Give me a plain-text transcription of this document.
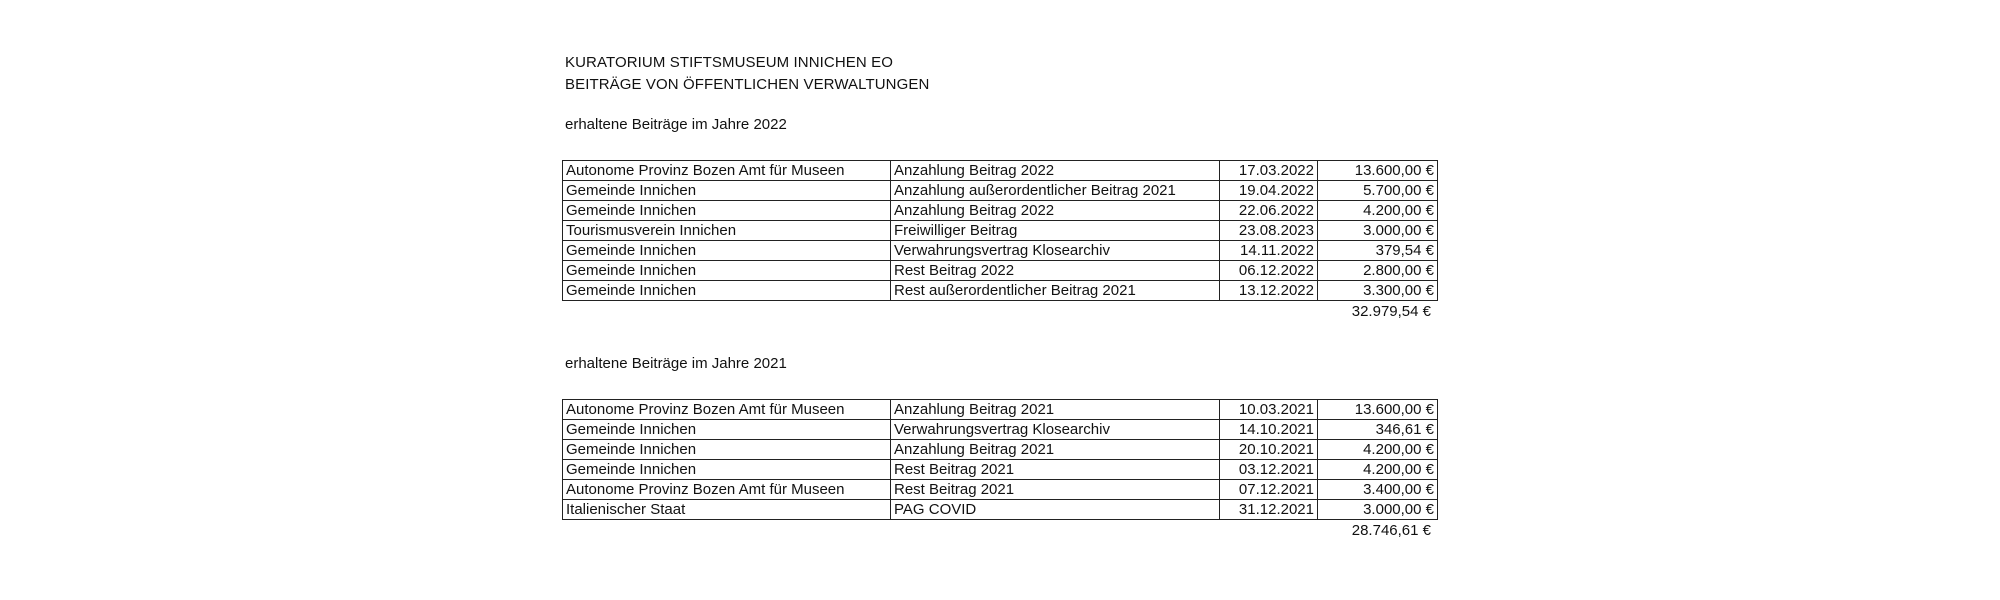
KURATORIUM STIFTSMUSEUM INNICHEN EO
BEITRÄGE VON ÖFFENTLICHEN VERWALTUNGEN
erhaltene Beiträge im Jahre 2022
Autonome Provinz Bozen Amt für Museen	Anzahlung Beitrag 2022	17.03.2022	13.600,00 €
Gemeinde Innichen	Anzahlung außerordentlicher Beitrag 2021	19.04.2022	5.700,00 €
Gemeinde Innichen	Anzahlung Beitrag 2022	22.06.2022	4.200,00 €
Tourismusverein Innichen	Freiwilliger Beitrag	23.08.2023	3.000,00 €
Gemeinde Innichen	Verwahrungsvertrag Klosearchiv	14.11.2022	379,54 €
Gemeinde Innichen	Rest Beitrag 2022	06.12.2022	2.800,00 €
Gemeinde Innichen	Rest außerordentlicher Beitrag 2021	13.12.2022	3.300,00 €
32.979,54 €
erhaltene Beiträge im Jahre 2021
Autonome Provinz Bozen Amt für Museen	Anzahlung Beitrag 2021	10.03.2021	13.600,00 €
Gemeinde Innichen	Verwahrungsvertrag Klosearchiv	14.10.2021	346,61 €
Gemeinde Innichen	Anzahlung Beitrag 2021	20.10.2021	4.200,00 €
Gemeinde Innichen	Rest Beitrag 2021	03.12.2021	4.200,00 €
Autonome Provinz Bozen Amt für Museen	Rest Beitrag 2021	07.12.2021	3.400,00 €
Italienischer Staat	PAG COVID	31.12.2021	3.000,00 €
28.746,61 €
